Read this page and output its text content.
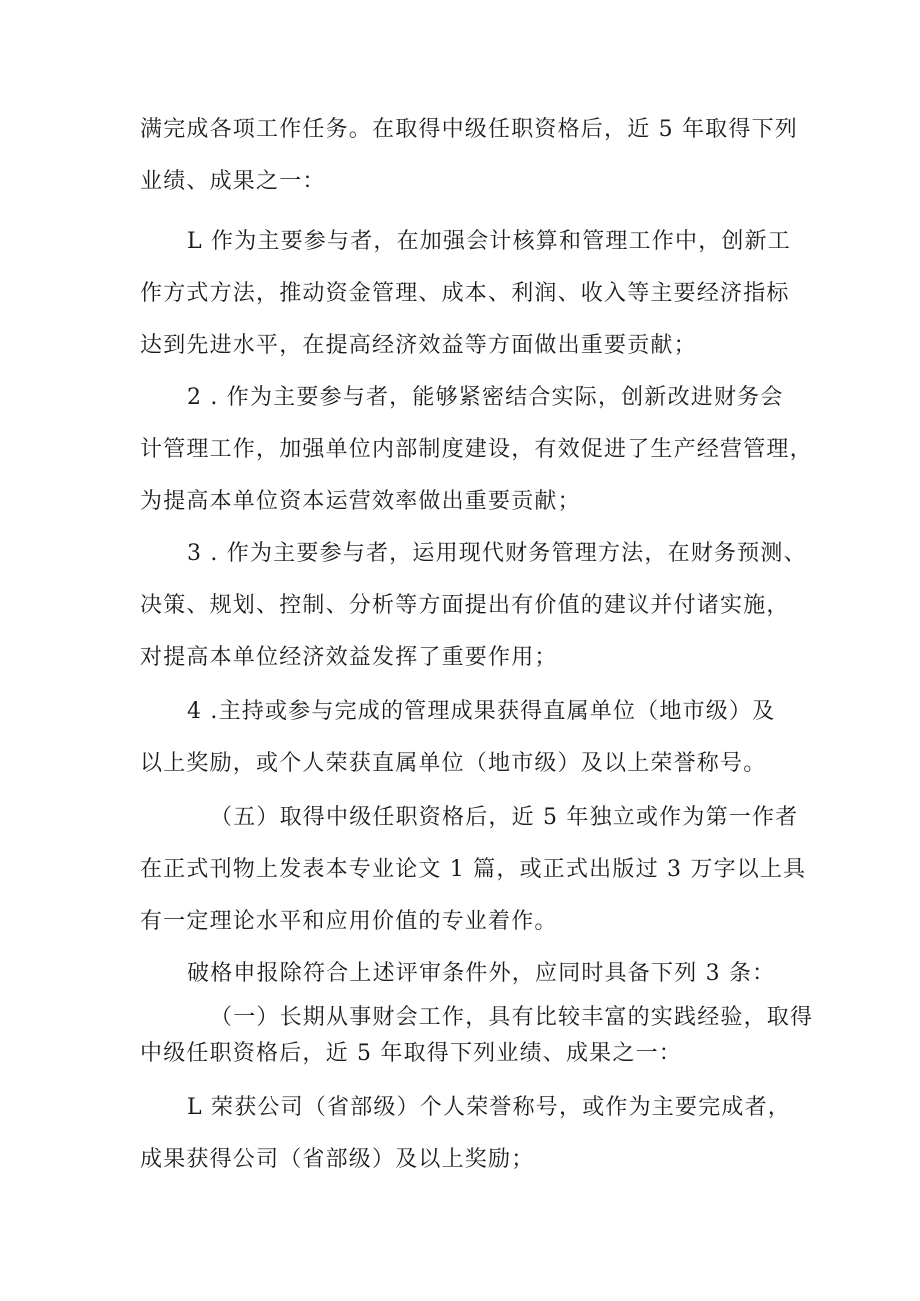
满完成各项工作任务。在取得中级任职资格后，近 5 年取得下列
业绩、成果之一：

L 作为主要参与者，在加强会计核算和管理工作中，创新工
作方式方法，推动资金管理、成本、利润、收入等主要经济指标
达到先进水平，在提高经济效益等方面做出重要贡献；

2 . 作为主要参与者，能够紧密结合实际，创新改进财务会
计管理工作，加强单位内部制度建设，有效促进了生产经营管理，
为提高本单位资本运营效率做出重要贡献；

3 . 作为主要参与者，运用现代财务管理方法，在财务预测、
决策、规划、控制、分析等方面提出有价值的建议并付诸实施，
对提高本单位经济效益发挥了重要作用；

4 .主持或参与完成的管理成果获得直属单位（地市级）及
以上奖励，或个人荣获直属单位（地市级）及以上荣誉称号。

（五）取得中级任职资格后，近 5 年独立或作为第一作者
在正式刊物上发表本专业论文 1 篇，或正式出版过 3 万字以上具
有一定理论水平和应用价值的专业着作。

破格申报除符合上述评审条件外，应同时具备下列 3 条：

（一）长期从事财会工作，具有比较丰富的实践经验，取得
中级任职资格后，近 5 年取得下列业绩、成果之一：

L 荣获公司（省部级）个人荣誉称号，或作为主要完成者，
成果获得公司（省部级）及以上奖励；
